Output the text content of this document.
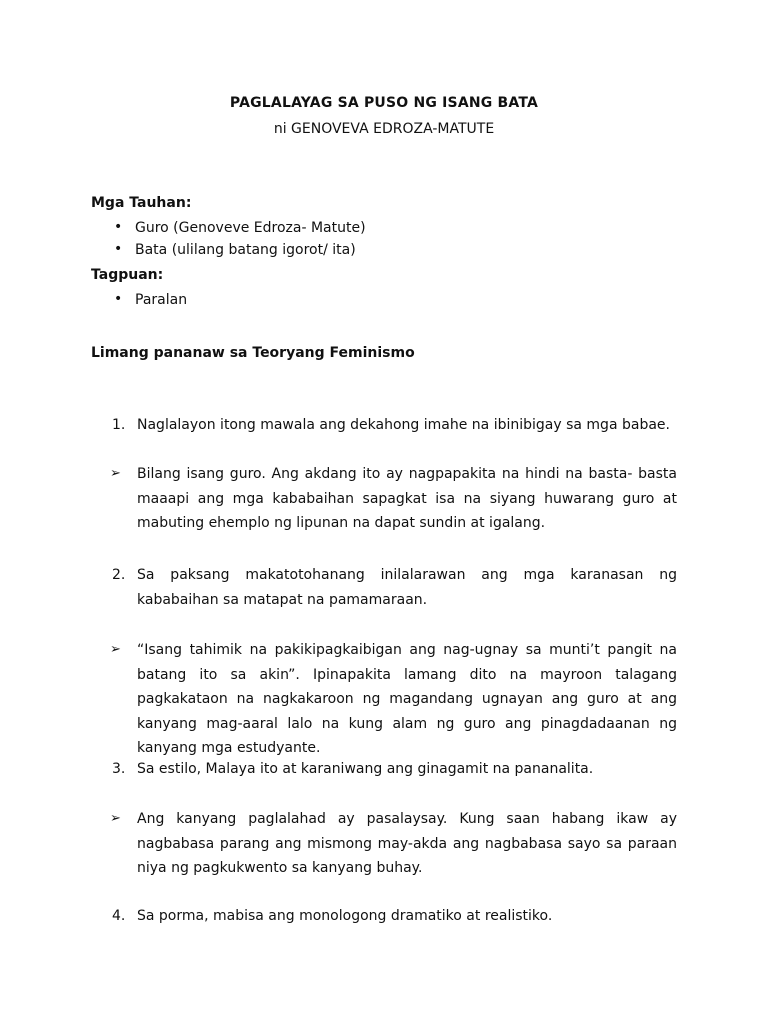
PAGLALAYAG SA PUSO NG ISANG BATA
ni GENOVEVA EDROZA-MATUTE
Mga Tauhan:
• Guro (Genoveve Edroza- Matute)
• Bata (ulilang batang igorot/ ita)
Tagpuan:
• Paralan
Limang pananaw sa Teoryang Feminismo
1. Naglalayon itong mawala ang dekahong imahe na ibinibigay sa mga babae.
➢ Bilang isang guro. Ang akdang ito ay nagpapakita na hindi na basta- basta maaapi ang mga kababaihan sapagkat isa na siyang huwarang guro at mabuting ehemplo ng lipunan na dapat sundin at igalang.
2. Sa paksang makatotohanang inilalarawan ang mga karanasan ng kababaihan sa matapat na pamamaraan.
➢ “Isang tahimik na pakikipagkaibigan ang nag-ugnay sa munti’t pangit na batang ito sa akin”. Ipinapakita lamang dito na mayroon talagang pagkakataon na nagkakaroon ng magandang ugnayan ang guro at ang kanyang mag-aaral lalo na kung alam ng guro ang pinagdadaanan ng kanyang mga estudyante.
3. Sa estilo, Malaya ito at karaniwang ang ginagamit na pananalita.
➢ Ang kanyang paglalahad ay pasalaysay. Kung saan habang ikaw ay nagbabasa parang ang mismong may-akda ang nagbabasa sayo sa paraan niya ng pagkukwento sa kanyang buhay.
4. Sa porma, mabisa ang monologong dramatiko at realistiko.
